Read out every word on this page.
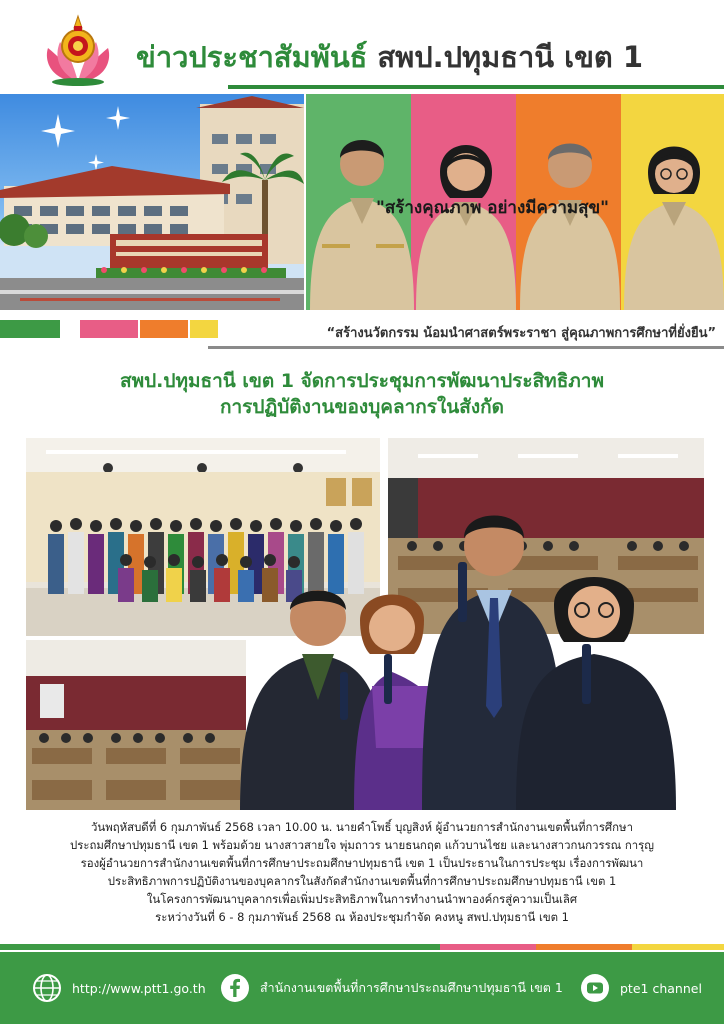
ข่าวประชาสัมพันธ์ สพป.ปทุมธานี เขต 1
"สร้างคุณภาพ อย่างมีความสุข"
“สร้างนวัตกรรม น้อมนำศาสตร์พระราชา สู่คุณภาพการศึกษาที่ยั่งยืน”
สพป.ปทุมธานี เขต 1 จัดการประชุมการพัฒนาประสิทธิภาพ
การปฏิบัติงานของบุคลากรในสังกัด

วันพฤหัสบดีที่ 6 กุมภาพันธ์ 2568 เวลา 10.00 น. นายคำโพธิ์ บุญสิงห์ ผู้อำนวยการสำนักงานเขตพื้นที่การศึกษา

ประถมศึกษาปทุมธานี เขต 1 พร้อมด้วย นางสาวสายใจ พุ่มถาวร นายธนกฤต แก้วบานไชย และนางสาวกนกวรรณ การุญ

รองผู้อำนวยการสำนักงานเขตพื้นที่การศึกษาประถมศึกษาปทุมธานี เขต 1 เป็นประธานในการประชุม เรื่องการพัฒนา

ประสิทธิภาพการปฏิบัติงานของบุคลากรในสังกัดสำนักงานเขตพื้นที่การศึกษาประถมศึกษาปทุมธานี เขต 1

ในโครงการพัฒนาบุคลากรเพื่อเพิ่มประสิทธิภาพในการทำงานนำพาองค์กรสู่ความเป็นเลิศ

ระหว่างวันที่ 6 - 8 กุมภาพันธ์ 2568 ณ ห้องประชุมกำจัด คงหนู สพป.ปทุมธานี เขต 1

http://www.ptt1.go.th	สำนักงานเขตพื้นที่การศึกษาประถมศึกษาปทุมธานี เขต 1	pte1 channel
